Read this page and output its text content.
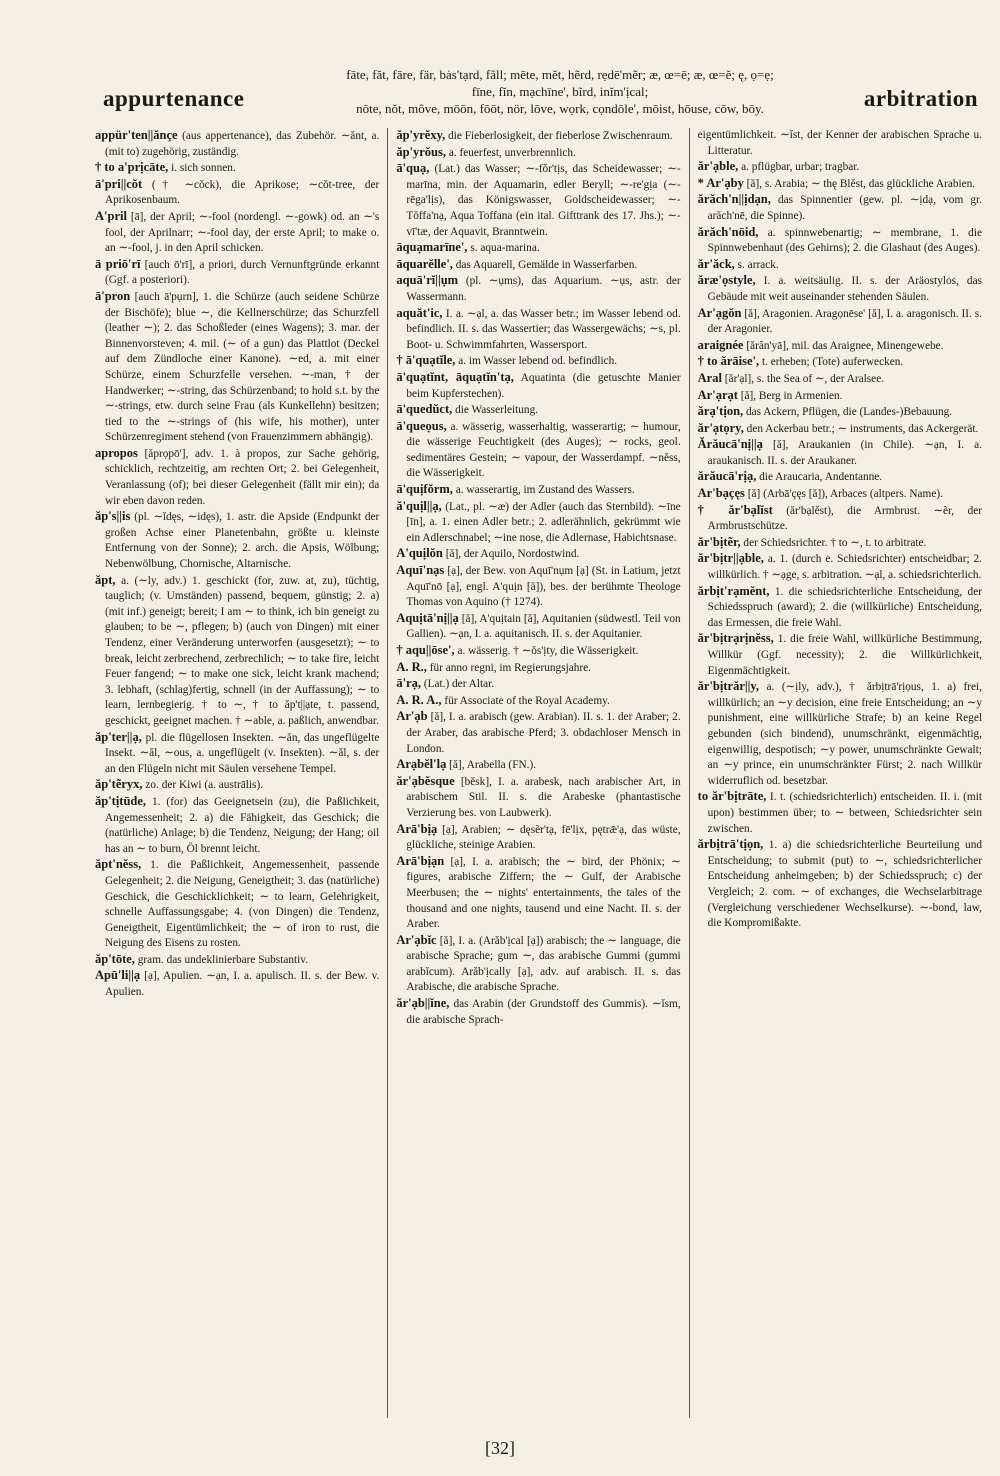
appurtenance
fāte, făt, fāre, fär, bȧs'tạrd, fâll; mēte, mĕt, hẽrd, rẹdē'mẽr; æ, œ=ē; æ, œ=ĕ; ę, ọ=ẹ;
fīne, fĭn, mạchīne', bĩrd, inĭm'ịcal;
nōte, nŏt, môve, mōōn, fōōt, nör, lōve, wọrk, cọndōle', mōist, hōuse, cōw, bōy.	arbitration

appür'ten||ănçe (aus appertenance), das Zubehör. ∼ănt, a. (mit to) zugehörig, zuständig.

† to a'prịcāte, i. sich sonnen.

ā'pri||cŏt († ∼cŏck), die Aprikose; ∼cŏt-tree, der Aprikosenbaum.

A'pril [ā], der April; ∼-fool (nordengl. ∼-gowk) od. an ∼'s fool, der Aprilnarr; ∼-fool day, der erste April; to make o. an ∼-fool, j. in den April schicken.

ā priō'rī [auch ō'rī], a priori, durch Vernunftgründe erkannt (Ggf. a posteriori).

ā'pron [auch ā'pụrn], 1. die Schürze (auch seidene Schürze der Bischöfe); blue ∼, die Kellnerschürze; das Schurzfell (leather ∼); 2. das Schoßleder (eines Wagens); 3. mar. der Binnenvorsteven; 4. mil. (∼ of a gun) das Plattlot (Deckel auf dem Zündloche einer Kanone). ∼ed, a. mit einer Schürze, einem Schurzfelle versehen. ∼-man, † der Handwerker; ∼-string, das Schürzenband; to hold s.t. by the ∼-strings, etw. durch seine Frau (als Kunkellehn) besitzen; tied to the ∼-strings of (his wife, his mother), unter Schürzenregiment stehend (von Frauenzimmern abhängig).

apropos [ăprọpō'], adv. 1. à propos, zur Sache gehörig, schicklich, rechtzeitig, am rechten Ort; 2. bei Gelegenheit, Veranlassung (of); bei dieser Gelegenheit (fällt mir ein); da wir eben davon reden.

ăp's||is (pl. ∼ĭdęs, ∼idęs), 1. astr. die Apside (Endpunkt der großen Achse einer Planetenbahn, größte u. kleinste Entfernung von der Sonne); 2. arch. die Apsis, Wölbung; Nebenwölbung, Chornische, Altarnische.

ăpt, a. (∼ly, adv.) 1. geschickt (for, zuw. at, zu), tüchtig, tauglich; (v. Umständen) passend, bequem, günstig; 2. a) (mit inf.) geneigt; bereit; I am ∼ to think, ich bin geneigt zu glauben; to be ∼, pflegen; b) (auch von Dingen) mit einer Tendenz, einer Veränderung unterworfen (ausgesetzt); ∼ to break, leicht zerbrechend, zerbrechlich; ∼ to take fire, leicht Feuer fangend; ∼ to make one sick, leicht krank machend; 3. lebhaft, (schlag)fertig, schnell (in der Auffassung); ∼ to learn, lernbegierig. † to ∼, † to ăp't||ạte, t. passend, geschickt, geeignet machen. † ∼able, a. paßlich, anwendbar.

ăp'ter||ạ, pl. die flügellosen Insekten. ∼ăn, das ungeflügelte Insekt. ∼ăl, ∼ous, a. ungeflügelt (v. Insekten). ∼ăl, s. der an den Flügeln nicht mit Säulen versehene Tempel.

ăp'tẽryx, zo. der Kiwi (a. austrālis).

ăp'tịtūde, 1. (for) das Geeignetsein (zu), die Paßlichkeit, Angemessenheit; 2. a) die Fähigkeit, das Geschick; die (natürliche) Anlage; b) die Tendenz, Neigung; der Hang; oil has an ∼ to burn, Öl brennt leicht.

ăpt'nĕss, 1. die Paßlichkeit, Angemessenheit, passende Gelegenheit; 2. die Neigung, Geneigtheit; 3. das (natürliche) Geschick, die Geschicklichkeit; ∼ to learn, Gelehrigkeit, schnelle Auffassungsgabe; 4. (von Dingen) die Tendenz, Geneigtheit, Eigentümlichkeit; the ∼ of iron to rust, die Neigung des Eisens zu rosten.

ăp'tōte, gram. das undeklinierbare Substantiv.

Apū'li||ạ [ạ], Apulien. ∼ạn, I. a. apulisch. II. s. der Bew. v. Apulien.

ăp'yrĕxy, die Fieberlosigkeit, der fieberlose Zwischenraum.

ăp'yrŏus, a. feuerfest, unverbrennlich.

ā'quạ, (Lat.) das Wasser; ∼-fŏr'tịs, das Scheidewasser; ∼-marīna, min. der Aquamarin, edler Beryll; ∼-re'gịa (∼-rēga'lịs), das Königswasser, Goldscheidewasser; ∼-Tŏffa'nạ, Aqua Toffana (ein ital. Gifttrank des 17. Jhs.); ∼-vī'tæ, der Aquavit, Branntwein.

āquạmarīne', s. aqua-marina.

āquarĕlle', das Aquarell, Gemälde in Wasserfarben.

aquā'rĭ||ụm (pl. ∼ụms), das Aquarium. ∼ụs, astr. der Wassermann.

aquăt'ic, I. a. ∼ạl, a. das Wasser betr.; im Wasser lebend od. befindlich. II. s. das Wassertier; das Wassergewächs; ∼s, pl. Boot- u. Schwimmfahrten, Wassersport.

† ā'quạtĭle, a. im Wasser lebend od. befindlich.

ā'quạtĭnt, āquạtĭn'tạ, Aquatinta (die getuschte Manier beim Kupferstechen).

ā'quedŭct, die Wasserleitung.

ā'queọus, a. wässerig, wasserhaltig, wasserartig; ∼ humour, die wässerige Feuchtigkeit (des Auges); ∼ rocks, geol. sedimentäres Gestein; ∼ vapour, der Wasserdampf. ∼nĕss, die Wässerigkeit.

ā'quịfŏrm, a. wasserartig, im Zustand des Wassers.

ă'quịl||ạ, (Lat., pl. ∼æ) der Adler (auch das Sternbild). ∼īne [īn], a. 1. einen Adler betr.; 2. adlerähnlich, gekrümmt wie ein Adlerschnabel; ∼ine nose, die Adlernase, Habichtsnase.

A'quịlŏn [ă], der Aquilo, Nordostwind.

Aquī'nạs [ạ], der Bew. von Aquī'nụm [ạ] (St. in Latium, jetzt Aquī'nō [ạ], engl. A'quịn [ă]), bes. der berühmte Theologe Thomas von Aquino († 1274).

Aquịtā'nị||ạ [ă], A'quịtain [ă], Aquitanien (südwestl. Teil von Gallien). ∼ạn, I. a. aquitanisch. II. s. der Aquitanier.

† aqu||ōse', a. wässerig. † ∼ŏs'ịty, die Wässerigkeit.

A. R., für anno regni, im Regierungsjahre.

ā'rạ, (Lat.) der Altar.

A. R. A., für Associate of the Royal Academy.

Ar'ạb [ă], I. a. arabisch (gew. Arabian). II. s. 1. der Araber; 2. der Araber, das arabische Pferd; 3. obdachloser Mensch in London.

Arạbĕl'lạ [ă], Arabella (FN.).

ăr'ạbĕsque [bĕsk], I. a. arabesk, nach arabischer Art, in arabischem Stil. II. s. die Arabeske (phantastische Verzierung bes. von Laubwerk).

Arā'bịạ [ạ], Arabien; ∼ dęsẽr'tạ, fē'lịx, pętrǣ'ạ, das wüste, glückliche, steinige Arabien.

Arā'bịạn [ạ], I. a. arabisch; the ∼ bird, der Phönix; ∼ figures, arabische Ziffern; the ∼ Gulf, der Arabische Meerbusen; the ∼ nights' entertainments, the tales of the thousand and one nights, tausend und eine Nacht. II. s. der Araber.

Ar'ạbĭc [ă], I. a. (Arăb'ịcal [ạ]) arabisch; the ∼ language, die arabische Sprache; gum ∼, das arabische Gummi (gummi arabĭcum). Arăb'ịcally [ạ], adv. auf arabisch. II. s. das Arabische, die arabische Sprache.

ăr'ạb||ĭne, das Arabin (der Grundstoff des Gummis). ∼ĭsm, die arabische Sprach-

eigentümlichkeit. ∼ĭst, der Kenner der arabischen Sprache u. Litteratur.

ăr'ạble, a. pflügbar, urbar; tragbar.

* Ar'ạby [ă], s. Arabia; ∼ thę Blĕst, das glückliche Arabien.

ărăch'n||ịdạn, das Spinnentier (gew. pl. ∼ịdạ, vom gr. arăch'nē, die Spinne).

ărăch'nōid, a. spinnwebenartig; ∼ membrane, 1. die Spinnwebenhaut (des Gehirns); 2. die Glashaut (des Auges).

ăr'ăck, s. arrack.

ăræ'ọstyle, I. a. weitsäulig. II. s. der Aräostylos, das Gebäude mit weit auseinander stehenden Säulen.

Ar'ạgŏn [ă], Aragonien. Aragọnēse' [ă], I. a. aragonisch. II. s. der Aragonier.

araignée [ărân'yā], mil. das Araignee, Minengewebe.

† to ărāise', t. erheben; (Tote) auferwecken.

Aral [ăr'ạl], s. the Sea of ∼, der Aralsee.

Ar'ạrạt [ă], Berg in Armenien.

ărạ'tịon, das Ackern, Pflügen, die (Landes-)Bebauung.

ăr'ạtọry, den Ackerbau betr.; ∼ instruments, das Ackergerät.

Ărăucā'nị||ạ [ă], Araukanien (in Chile). ∼ạn, I. a. araukanisch. II. s. der Araukaner.

ărăucā'rịạ, die Araucaria, Andentanne.

Ar'bạçęs [ă] (Arbā'çęs [ă]), Arbaces (altpers. Name).

† ăr'bạlĭst (ăr'bạlĕst), die Armbrust. ∼ẽr, der Armbrustschütze.

ăr'bịtẽr, der Schiedsrichter. † to ∼, t. to arbitrate.

ăr'bịtr||ạble, a. 1. (durch e. Schiedsrichter) entscheidbar; 2. willkürlich. † ∼ạge, s. arbitration. ∼ạl, a. schiedsrichterlich.

ărbịt'rạmĕnt, 1. die schiedsrichterliche Entscheidung, der Schiedsspruch (award); 2. die (willkürliche) Entscheidung, das Ermessen, die freie Wahl.

ăr'bịtrạrịnĕss, 1. die freie Wahl, willkürliche Bestimmung, Willkür (Ggf. necessity); 2. die Willkürlichkeit, Eigenmächtigkeit.

ăr'bịtrăr||y, a. (∼ịly, adv.), † ărbịtrā'rịọus, 1. a) frei, willkürlich; an ∼y decision, eine freie Entscheidung; an ∼y punishment, eine willkürliche Strafe; b) an keine Regel gebunden (sich bindend), unumschränkt, eigenmächtig, eigenwillig, despotisch; ∼y power, unumschränkte Gewalt; an ∼y prince, ein unumschränkter Fürst; 2. nach Willkür widerruflich od. besetzbar.

to ăr'bịtrāte, I. t. (schiedsrichterlich) entscheiden. II. i. (mit upon) bestimmen über; to ∼ between, Schiedsrichter sein zwischen.

ărbịtrā'tịọn, 1. a) die schiedsrichterliche Beurteilung und Entscheidung; to submit (put) to ∼, schiedsrichterlicher Entscheidung anheimgeben; b) der Schiedsspruch; c) der Vergleich; 2. com. ∼ of exchanges, die Wechselarbitrage (Vergleichung verschiedener Wechselkurse). ∼-bond, law, die Kompromißakte.

[32]
